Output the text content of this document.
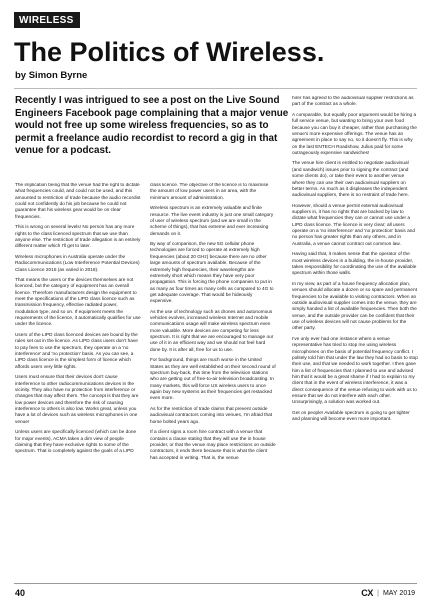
WIRELESS
The Politics of Wireless.
by Simon Byrne

Recently I was intrigued to see a post on the Live Sound Engineers Facebook page complaining that a major venue would not free up some wireless frequencies, so as to permit a freelance audio recordist to record a gig in that venue for a podcast.

The implication being that the venue had the right to dictate what frequencies could, and could not be used, and this amounted to restriction of trade because the audio recordist could not confidently do his job because he could not guarantee that his wireless gear would be on clear frequencies.

This is wrong on several levels! No person has any more rights to the class licenced spectrum that we use than anyone else. The restriction of trade allegation is an entirely different matter which I'll get to later.

Wireless microphones in Australia operate under the Radiocommunications (Low Interference Potential Devices) Class Licence 2015 (as varied in 2018).

That means the users or the devices themselves are not licenced, but the category of equipment has an overall licence. Therefore manufacturers design the equipment to meet the specifications of the LIPD class licence such as transmission frequency, effective radiated power, modulation type, and so on. If equipment meets the requirements of the licence, it automatically qualifies for use under the licence.

Users of the LIPD class licenced devices are bound by the rules set out in the licence. As LIPD class users don't have to pay fees to use the spectrum, they operate on a 'no interference' and 'no protection' basis. As you can see, a LIPD class licence is the simplest form of licence which affords users very little rights.

Users must ensure that their devices don't cause interference to other radiocommunications devices in the vicinity. They also have no protection from interference or changes that may affect them. The concept is that they are low power devices and therefore the risk of causing interference to others is also low. Works great, unless you have a lot of devices such as wireless microphones in one venue!

Unless users are specifically licenced (which can be done for major events), ACMA takes a dim view of people claiming that they have exclusive rights to some of the spectrum. That is completely against the goals of a LIPD

class licence. The objective of the licence is to maximise the amount of low power users in an area, with the minimum amount of administration.

Wireless spectrum is an extremely valuable and finite resource. The live event industry is just one small category of user of wireless spectrum (and we are small in the scheme of things), that has extreme and ever increasing demands on it.

By way of comparison, the new 5G cellular phone technologies are forced to operate at extremely high frequencies (about 20 GHz) because there are no other large amounts of spectrum available. Because of the extremely high frequencies, their wavelengths are extremely short which means they have very poor propagation. This is forcing the phone companies to put in as many as four times as many cells as compared to 4G to get adequate coverage. That would be hideously expensive.

As the use of technology such as drones and autonomous vehicles evolves, increased wireless Internet and mobile communications usage will make wireless spectrum even more valuable. More devices are competing for less spectrum. It is right that we are encouraged to manage our use of it in an efficient way and we should not feel hard done by. It is after all, free for us to use.

For background, things are much worse in the United States as they are well established on their second round of spectrum buy-back, this time from the television stations who are getting out of free-to-air television broadcasting. In many markets, this will force US wireless users to once again buy new systems as their frequencies get restacked even more.

As for the restriction of trade claims that prevent outside audiovisual contractors coming into venues, I'm afraid that horse bolted years ago.

If a client signs a room hire contract with a venue that contains a clause stating that they will use the in house provider, or that the venue may place restrictions on outside contractors, it ends there because that is what the client has accepted in writing. That is, the venue

hirer has agreed to the audiovisual supplier restrictions as part of the contract as a whole.

A comparable, but equally poor argument would be hiring a full service venue, but wanting to bring your own food because you can buy it cheaper, rather than purchasing the venue's more expensive offerings. The venue has an agreement in place to say no, so it doesn't fly. This is why on the last ENTECH Roadshow, Julius paid for some outrageously expensive sandwiches!

The venue hire client is entitled to negotiate audiovisual (and sandwich) issues prior to signing the contract (and some clients do), or take their event to another venue where they can use their own audiovisual suppliers on better terms. As much as it displeases the independent audiovisual suppliers, there is no restraint of trade here.

However, should a venue permit external audiovisual suppliers in, it has no rights that are backed by law to dictate what frequencies they can or cannot use under a LIPD class licence. The licence is very clear; all users operate on a 'no interference' and 'no protection' basis and no person has greater rights than any others, and in Australia, a venue cannot contract out common law.

Having said that, it makes sense that the operator of the most wireless devices in a building, the in-house provider, takes responsibility for coordinating the use of the available spectrum within those walls.

In my view, as part of a house frequency allocation plan, venues should allocate a dozen or so spare and permanent frequencies to be available to visiting contractors. When an outside audiovisual supplier comes into the venue, they are simply handed a list of available frequencies. Then both the venue, and the outside provider can be confident that their use of wireless devices will not cause problems for the other party.

I've only ever had one instance where a venue representative has tried to stop me using wireless microphones on the basis of potential frequency conflict. I politely told him that under the law they had no basis to stop their use, and that we needed to work together. I then gave him a list of frequencies that I planned to use and advised him that it would be a great shame if I had to explain to my client that in the event of wireless interference, it was a direct consequence of the venue refusing to work with us to ensure that we do not interfere with each other. Unsurprisingly, a solution was worked out.

Get on people! Available spectrum is going to get tighter and planning will become even more important.

40	CX | MAY 2019
